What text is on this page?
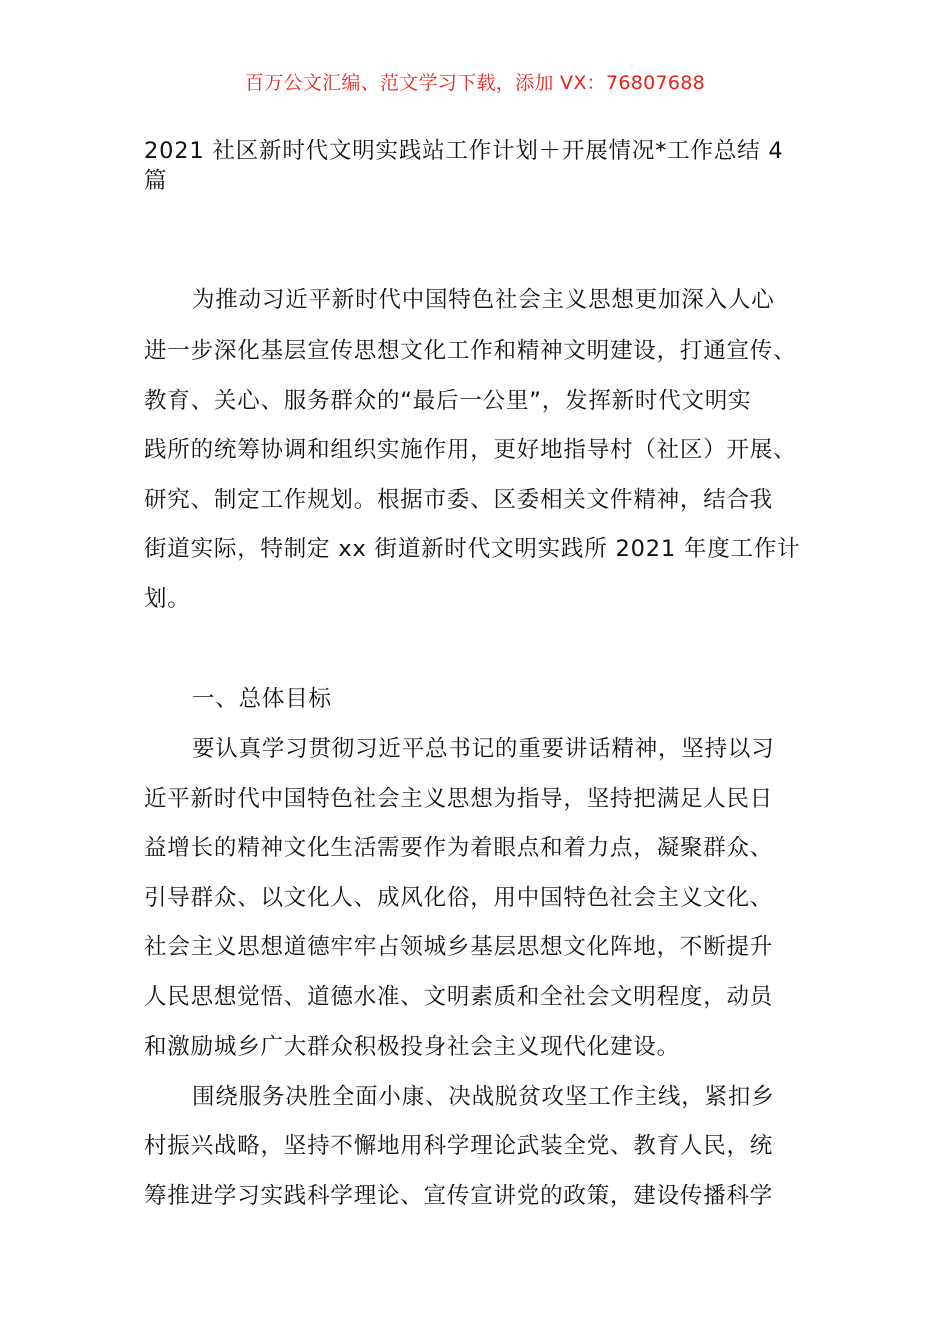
百万公文汇编、范文学习下载，添加 VX：76807688
2021 社区新时代文明实践站工作计划＋开展情况*工作总结 4
篇
为推动习近平新时代中国特色社会主义思想更加深入人心
进一步深化基层宣传思想文化工作和精神文明建设，打通宣传、
教育、关心、服务群众的“最后一公里”，发挥新时代文明实
践所的统筹协调和组织实施作用，更好地指导村（社区）开展、
研究、制定工作规划。根据市委、区委相关文件精神，结合我
街道实际，特制定 xx 街道新时代文明实践所 2021 年度工作计
划。
一、总体目标
要认真学习贯彻习近平总书记的重要讲话精神，坚持以习
近平新时代中国特色社会主义思想为指导，坚持把满足人民日
益增长的精神文化生活需要作为着眼点和着力点，凝聚群众、
引导群众、以文化人、成风化俗，用中国特色社会主义文化、
社会主义思想道德牢牢占领城乡基层思想文化阵地，不断提升
人民思想觉悟、道德水准、文明素质和全社会文明程度，动员
和激励城乡广大群众积极投身社会主义现代化建设。
围绕服务决胜全面小康、决战脱贫攻坚工作主线，紧扣乡
村振兴战略，坚持不懈地用科学理论武装全党、教育人民，统
筹推进学习实践科学理论、宣传宣讲党的政策，建设传播科学
